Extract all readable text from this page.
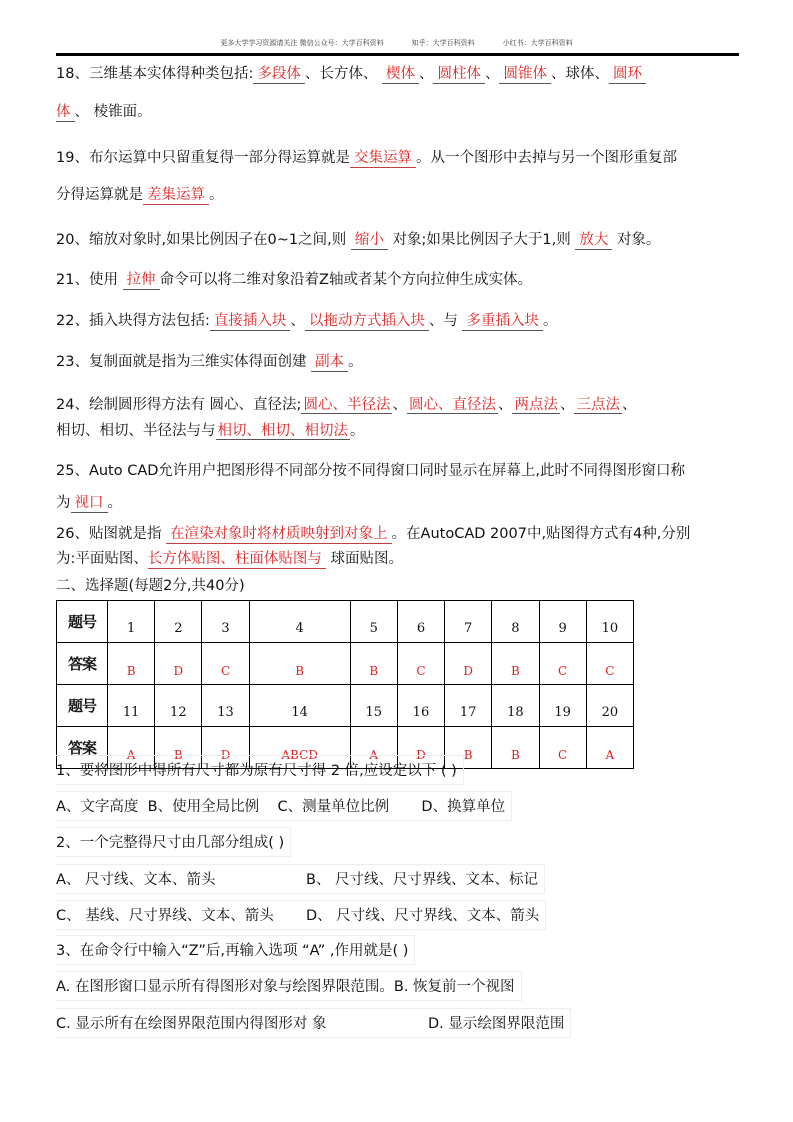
更多大学学习资源请关注 微信公众号：大学百科资料	知乎：大学百科资料	小红书：大学百科资料
18、三维基本实体得种类包括: 多段体 、长方体、 楔体 、 圆柱体 、 圆锥体 、球体、 圆环
体 、 棱锥面。
19、布尔运算中只留重复得一部分得运算就是 交集运算 。从一个图形中去掉与另一个图形重复部
分得运算就是 差集运算 。
20、缩放对象时,如果比例因子在0~1之间,则 缩小 对象;如果比例因子大于1,则 放大 对象。
21、使用 拉伸 命令可以将二维对象沿着Z轴或者某个方向拉伸生成实体。
22、插入块得方法包括: 直接插入块 、 以拖动方式插入块 、与 多重插入块 。
23、复制面就是指为三维实体得面创建 副本 。
24、绘制圆形得方法有 圆心、直径法; 圆心、半径法 、 圆心、直径法 、 两点法 、 三点法 、
相切、相切、半径法与与 相切、相切、相切法 。
25、Auto CAD允许用户把图形得不同部分按不同得窗口同时显示在屏幕上,此时不同得图形窗口称
为 视口 。
26、贴图就是指 在渲染对象时将材质映射到对象上 。在AutoCAD 2007中,贴图得方式有4种,分别
为:平面贴图、长方体贴图、柱面体贴图与 球面贴图。
二、选择题(每题2分,共40分)
题号	1	2	3	4	5	6	7	8	9	10
答案	B	D	C	B	B	C	D	B	C	C
题号	11	12	13	14	15	16	17	18	19	20
答案	A	B	D	ABCD	A	D	B	B	C	A
1、要将图形中得所有尺寸都为原有尺寸得 2 倍,应设定以下 ( )
A、文字高度 B、使用全局比例 C、测量单位比例 D、换算单位
2、一个完整得尺寸由几部分组成( )
A、 尺寸线、文本、箭头	B、 尺寸线、尺寸界线、文本、标记
C、 基线、尺寸界线、文本、箭头 D、 尺寸线、尺寸界线、文本、箭头
3、在命令行中输入“Z”后,再输入选项 “A” ,作用就是( )
A. 在图形窗口显示所有得图形对象与绘图界限范围。B. 恢复前一个视图
C. 显示所有在绘图界限范围内得图形对 象	D. 显示绘图界限范围
